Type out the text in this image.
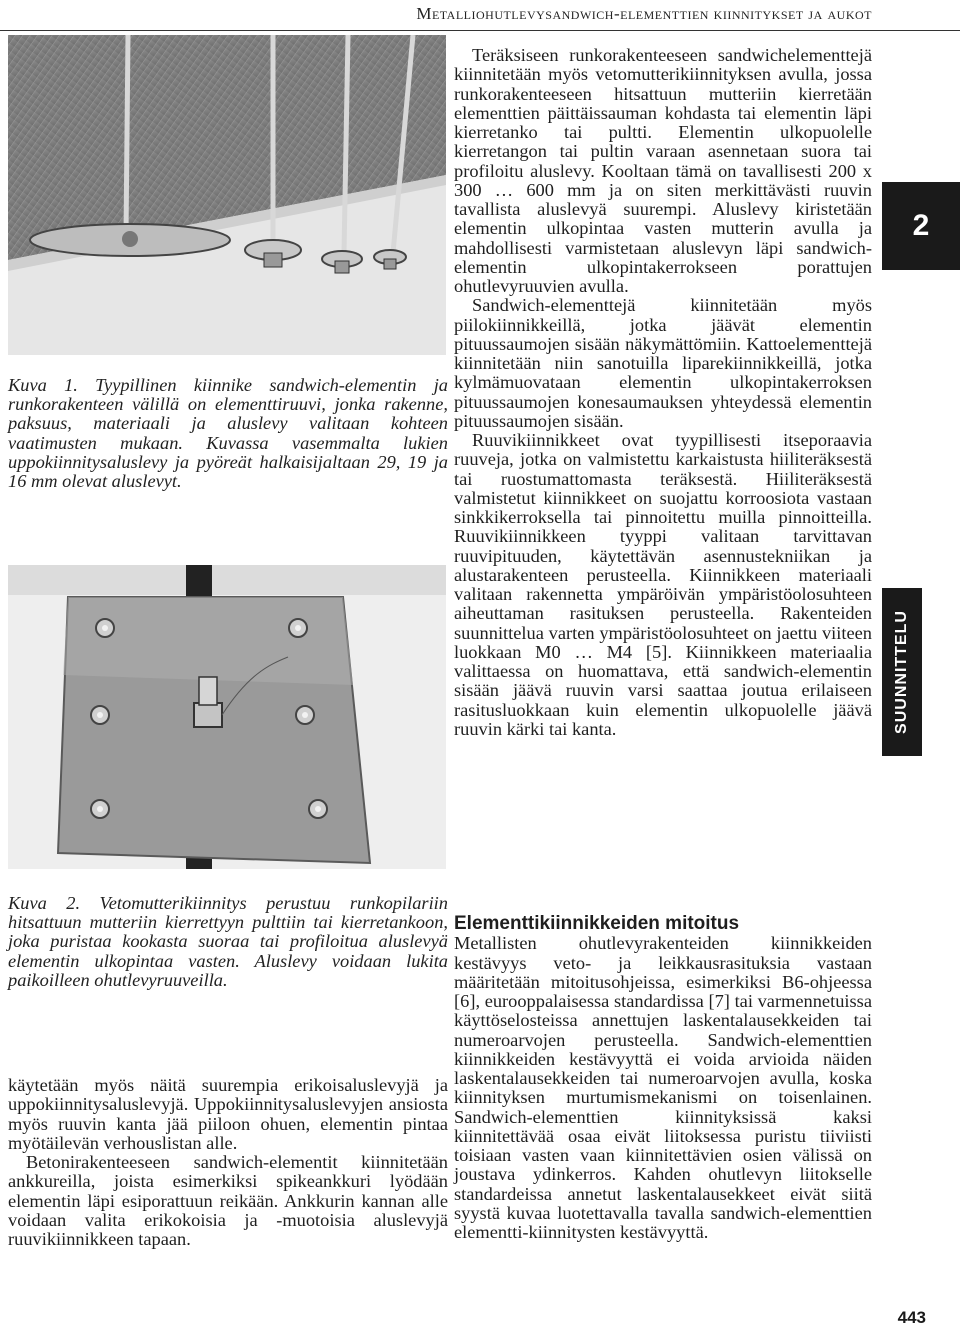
Metalliohutlevysandwich-elementtien kiinnitykset ja aukot
Kuva 1. Tyypillinen kiinnike sandwich-elementin ja runkorakenteen välillä on elementtiruuvi, jonka rakenne, paksuus, materiaali ja aluslevy valitaan kohteen vaatimusten mukaan. Kuvassa vasemmalta lukien uppokiinnitysaluslevy ja pyöreät halkaisijaltaan 29, 19 ja 16 mm olevat aluslevyt.
Kuva 2. Vetomutterikiinnitys perustuu runkopilariin hitsattuun mutteriin kierrettyyn pulttiin tai kierretankoon, joka puristaa kookasta suoraa tai profiloitua aluslevyä elementin ulkopintaa vasten. Aluslevy voidaan lukita paikoilleen ohutlevyruuveilla.

käytetään myös näitä suurempia erikoisaluslevyjä ja uppokiinnitysaluslevyjä. Uppokiinnitysaluslevyjen ansiosta myös ruuvin kanta jää piiloon ohuen, elementin pintaa myötäilevän verhouslistan alle.

Betonirakenteeseen sandwich-elementit kiinnitetään ankkureilla, joista esimerkiksi spikeankkuri lyödään elementin läpi esiporattuun reikään. Ankkurin kannan alle voidaan valita erikokoisia ja -muotoisia aluslevyjä ruuvikiinnikkeen tapaan.

Teräksiseen runkorakenteeseen sandwichelementtejä kiinnitetään myös vetomutterikiinnityksen avulla, jossa runkorakenteeseen hitsattuun mutteriin kierretään elementtien päittäissauman kohdasta tai elementin läpi kierretanko tai pultti. Elementin ulkopuolelle kierretangon tai pultin varaan asennetaan suora tai profiloitu aluslevy. Kooltaan tämä on tavallisesti 200 x 300 … 600 mm ja on siten merkittävästi ruuvin tavallista aluslevyä suurempi. Aluslevy kiristetään elementin ulkopintaa vasten mutterin avulla ja mahdollisesti varmistetaan aluslevyn läpi sandwich-elementin ulkopintakerrokseen porattujen ohutlevyruuvien avulla.

Sandwich-elementtejä kiinnitetään myös piilokiinnikkeillä, jotka jäävät elementin pituussaumojen sisään näkymättömiin. Kattoelementtejä kiinnitetään niin sanotuilla liparekiinnikkeillä, jotka kylmämuovataan elementin ulkopintakerroksen pituussaumojen konesaumauksen yhteydessä elementin pituussaumojen sisään.

Ruuvikiinnikkeet ovat tyypillisesti itseporaavia ruuveja, jotka on valmistettu karkaistusta hiiliteräksestä tai ruostumattomasta teräksestä. Hiiliteräksestä valmistetut kiinnikkeet on suojattu korroosiota vastaan sinkkikerroksella tai pinnoitettu muilla pinnoitteilla. Ruuvikiinnikkeen tyyppi valitaan tarvittavan ruuvipituuden, käytettävän asennustekniikan ja alustarakenteen perusteella. Kiinnikkeen materiaali valitaan rakennetta ympäröivän ympäristöolosuhteen aiheuttaman rasituksen perusteella. Rakenteiden suunnittelua varten ympäristöolosuhteet on jaettu viiteen luokkaan M0 … M4 [5]. Kiinnikkeen materiaalia valittaessa on huomattava, että sandwich-elementin sisään jäävä ruuvin varsi saattaa joutua erilaiseen rasitusluokkaan kuin elementin ulkopuolelle jäävä ruuvin kärki tai kanta.

Elementtikiinnikkeiden mitoitus

Metallisten ohutlevyrakenteiden kiinnikkeiden kestävyys veto- ja leikkausrasituksia vastaan määritetään mitoitusohjeissa, esimerkiksi B6-ohjeessa [6], eurooppalaisessa standardissa [7] tai varmennetuissa käyttöselosteissa annettujen laskentalausekkeiden tai numeroarvojen perusteella. Sandwich-elementtien kiinnikkeiden kestävyyttä ei voida arvioida näiden laskentalausekkeiden tai numeroarvojen avulla, koska kiinnityksen murtumismekanismi on toisenlainen. Sandwich-elementtien kiinnityksissä kaksi kiinnitettävää osaa eivät liitoksessa puristu tiiviisti toisiaan vasten vaan kiinnitettävien osien välissä on joustava ydinkerros. Kahden ohutlevyn liitokselle standardeissa annetut laskentalausekkeet eivät siitä syystä kuvaa luotettavalla tavalla sandwich-elementtien elementti-kiinnitysten kestävyyttä.

2
SUUNNITTELU
443
